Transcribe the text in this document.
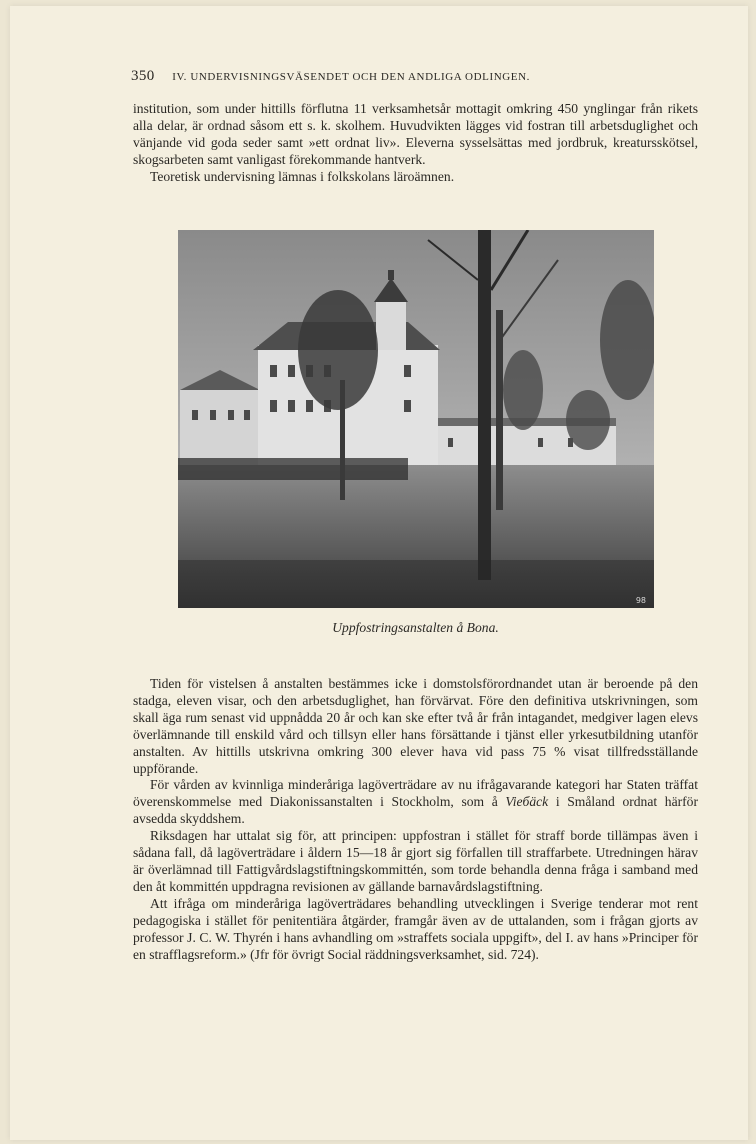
350 IV. UNDERVISNINGSVÄSENDET OCH DEN ANDLIGA ODLINGEN.

institution, som under hittills förflutna 11 verksamhetsår mottagit omkring 450 ynglingar från rikets alla delar, är ordnad såsom ett s. k. skolhem. Huvudvikten lägges vid fostran till arbetsduglighet och vänjande vid goda seder samt »ett ordnat liv». Eleverna sysselsättas med jordbruk, kreatursskötsel, skogsarbeten samt vanligast förekommande hantverk.

Teoretisk undervisning lämnas i folkskolans läroämnen.

98
Uppfostringsanstalten å Bona.

Tiden för vistelsen å anstalten bestämmes icke i domstolsförordnandet utan är beroende på den stadga, eleven visar, och den arbetsduglighet, han förvärvat. Före den definitiva utskrivningen, som skall äga rum senast vid uppnådda 20 år och kan ske efter två år från intagandet, medgiver lagen elevs överlämnande till enskild vård och tillsyn eller hans försättande i tjänst eller yrkesutbildning utanför anstalten. Av hittills utskrivna omkring 300 elever hava vid pass 75 % visat tillfredsställande uppförande.

För vården av kvinnliga minderåriga lagöverträdare av nu ifrågavarande kategori har Staten träffat överenskommelse med Diakonissanstalten i Stockholm, som å Vieбäck i Småland ordnat härför avsedda skyddshem.

Riksdagen har uttalat sig för, att principen: uppfostran i stället för straff borde tillämpas även i sådana fall, då lagöverträdare i åldern 15—18 år gjort sig förfallen till straffarbete. Utredningen härav är överlämnad till Fattigvårdslagstiftningskommittén, som torde behandla denna fråga i samband med den åt kommittén uppdragna revisionen av gällande barnavårdslagstiftning.

Att ifråga om minderåriga lagöverträdares behandling utvecklingen i Sverige tenderar mot rent pedagogiska i stället för penitentiära åtgärder, framgår även av de uttalanden, som i frågan gjorts av professor J. C. W. Thyrén i hans avhandling om »straffets sociala uppgift», del I. av hans »Principer för en strafflagsreform.» (Jfr för övrigt Social räddningsverksamhet, sid. 724).
